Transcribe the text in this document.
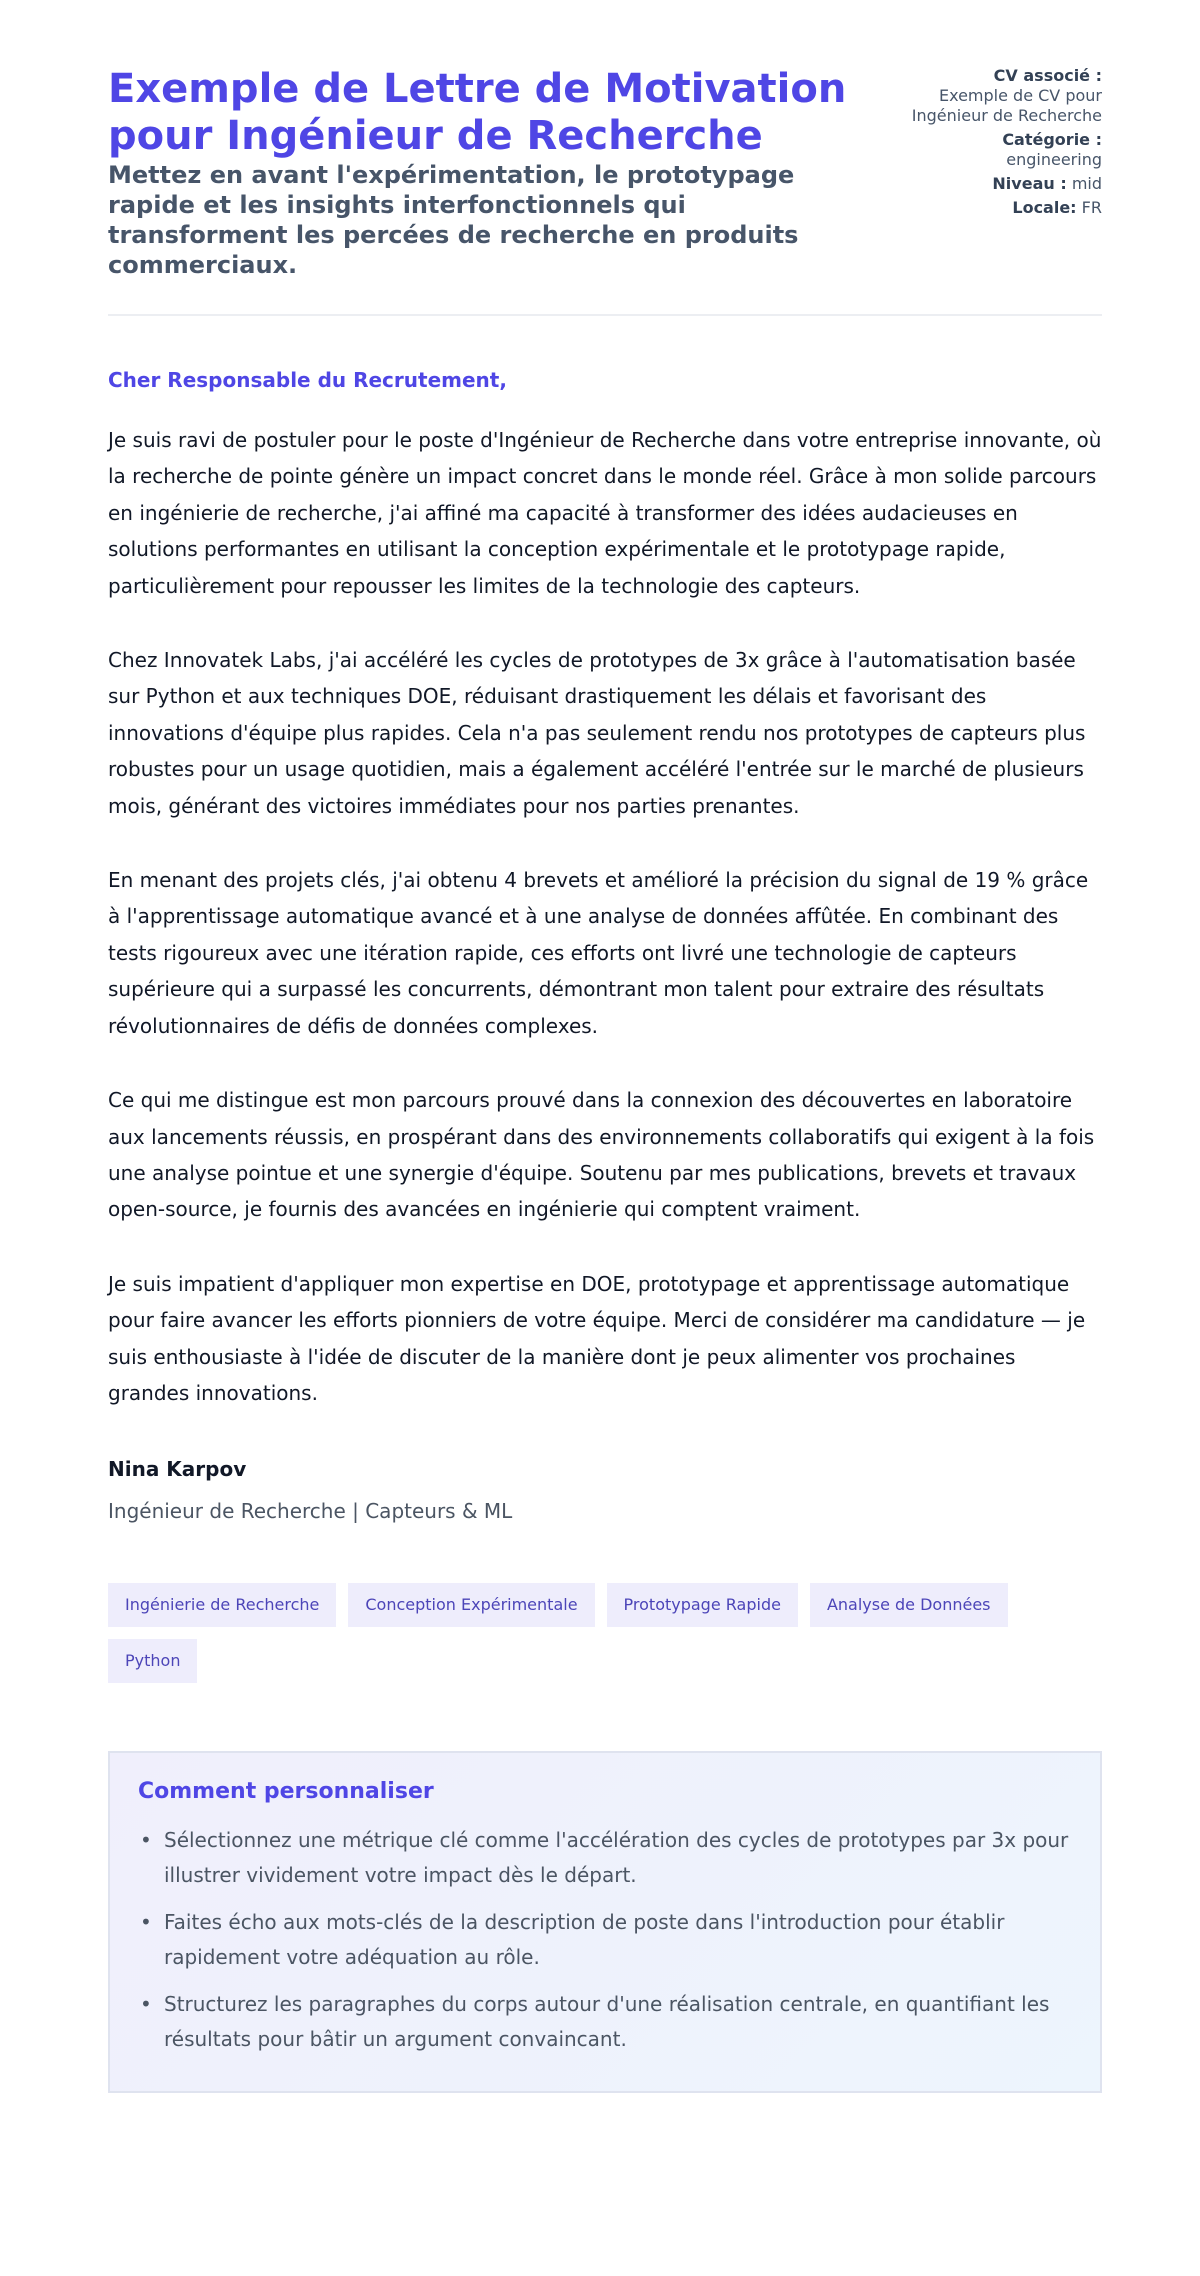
Exemple de Lettre de Motivation pour Ingénieur de Recherche
Mettez en avant l'expérimentation, le prototypage rapide et les insights interfonctionnels qui transforment les percées de recherche en produits commerciaux.
CV associé :
Exemple de CV pour Ingénieur de Recherche
Catégorie :
engineering
Niveau : mid
Locale: FR

Cher Responsable du Recrutement,

Je suis ravi de postuler pour le poste d'Ingénieur de Recherche dans votre entreprise innovante, où la recherche de pointe génère un impact concret dans le monde réel. Grâce à mon solide parcours en ingénierie de recherche, j'ai affiné ma capacité à transformer des idées audacieuses en solutions performantes en utilisant la conception expérimentale et le prototypage rapide, particulièrement pour repousser les limites de la technologie des capteurs.

Chez Innovatek Labs, j'ai accéléré les cycles de prototypes de 3x grâce à l'automatisation basée sur Python et aux techniques DOE, réduisant drastiquement les délais et favorisant des innovations d'équipe plus rapides. Cela n'a pas seulement rendu nos prototypes de capteurs plus robustes pour un usage quotidien, mais a également accéléré l'entrée sur le marché de plusieurs mois, générant des victoires immédiates pour nos parties prenantes.

En menant des projets clés, j'ai obtenu 4 brevets et amélioré la précision du signal de 19 % grâce à l'apprentissage automatique avancé et à une analyse de données affûtée. En combinant des tests rigoureux avec une itération rapide, ces efforts ont livré une technologie de capteurs supérieure qui a surpassé les concurrents, démontrant mon talent pour extraire des résultats révolutionnaires de défis de données complexes.

Ce qui me distingue est mon parcours prouvé dans la connexion des découvertes en laboratoire aux lancements réussis, en prospérant dans des environnements collaboratifs qui exigent à la fois une analyse pointue et une synergie d'équipe. Soutenu par mes publications, brevets et travaux open-source, je fournis des avancées en ingénierie qui comptent vraiment.

Je suis impatient d'appliquer mon expertise en DOE, prototypage et apprentissage automatique pour faire avancer les efforts pionniers de votre équipe. Merci de considérer ma candidature — je suis enthousiaste à l'idée de discuter de la manière dont je peux alimenter vos prochaines grandes innovations.

Nina Karpov
Ingénieur de Recherche | Capteurs & ML
Ingénierie de Recherche	Conception Expérimentale	Prototypage Rapide	Analyse de Données
Python
Comment personnaliser
• Sélectionnez une métrique clé comme l'accélération des cycles de prototypes par 3x pour illustrer vividement votre impact dès le départ.
• Faites écho aux mots-clés de la description de poste dans l'introduction pour établir rapidement votre adéquation au rôle.
• Structurez les paragraphes du corps autour d'une réalisation centrale, en quantifiant les résultats pour bâtir un argument convaincant.
